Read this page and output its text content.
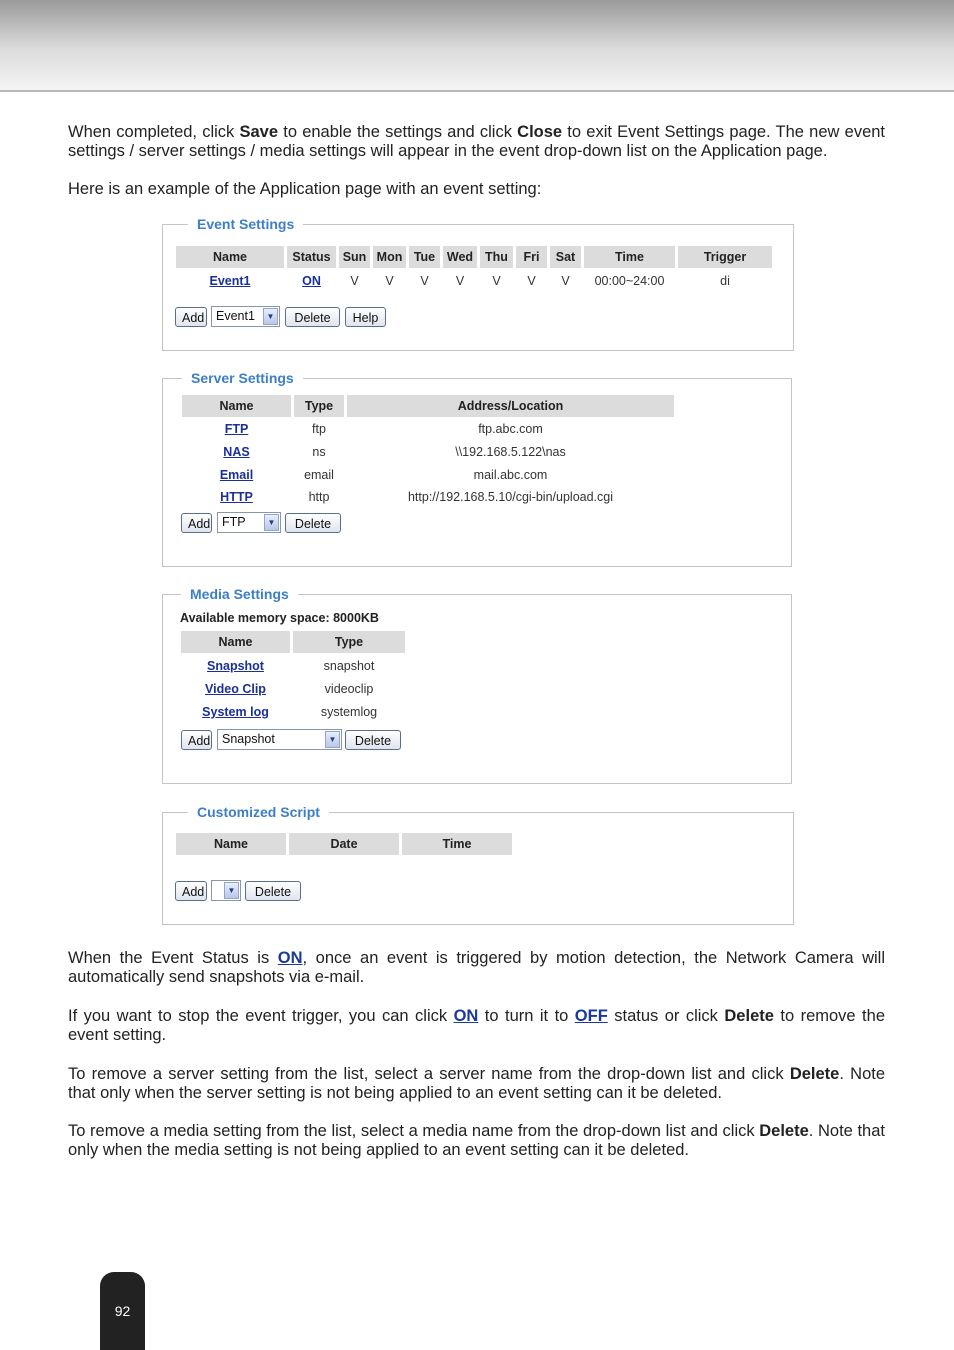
When completed, click Save to enable the settings and click Close to exit Event Settings page. The new event settings / server settings / media settings will appear in the event drop-down list on the Application page.

Here is an example of the Application page with an event setting:

Event Settings
Name	Status Sun Mon Tue Wed Thu	Fri	Sat	Time	Trigger
Event1	ON	V	V	V	V	V	V	V	00:00~24:00	di
Add Event1	▼	Delete	Help
Server Settings
Name	Type	Address/Location
FTP	ftp	ftp.abc.com
NAS	ns	\\192.168.5.122\nas
Email	email	mail.abc.com
HTTP	http	http://192.168.5.10/cgi-bin/upload.cgi
Add FTP	▼	Delete
Media Settings
Available memory space: 8000KB
Name	Type
Snapshot	snapshot
Video Clip	videoclip
System log	systemlog
Add Snapshot	▼	Delete
Customized Script
Name	Date	Time
Add	▼	Delete

When the Event Status is ON, once an event is triggered by motion detection, the Network Camera will automatically send snapshots via e-mail.

If you want to stop the event trigger, you can click ON to turn it to OFF status or click Delete to remove the event setting.

To remove a server setting from the list, select a server name from the drop-down list and click Delete. Note that only when the server setting is not being applied to an event setting can it be deleted.

To remove a media setting from the list, select a media name from the drop-down list and click Delete. Note that only when the media setting is not being applied to an event setting can it be deleted.

92
